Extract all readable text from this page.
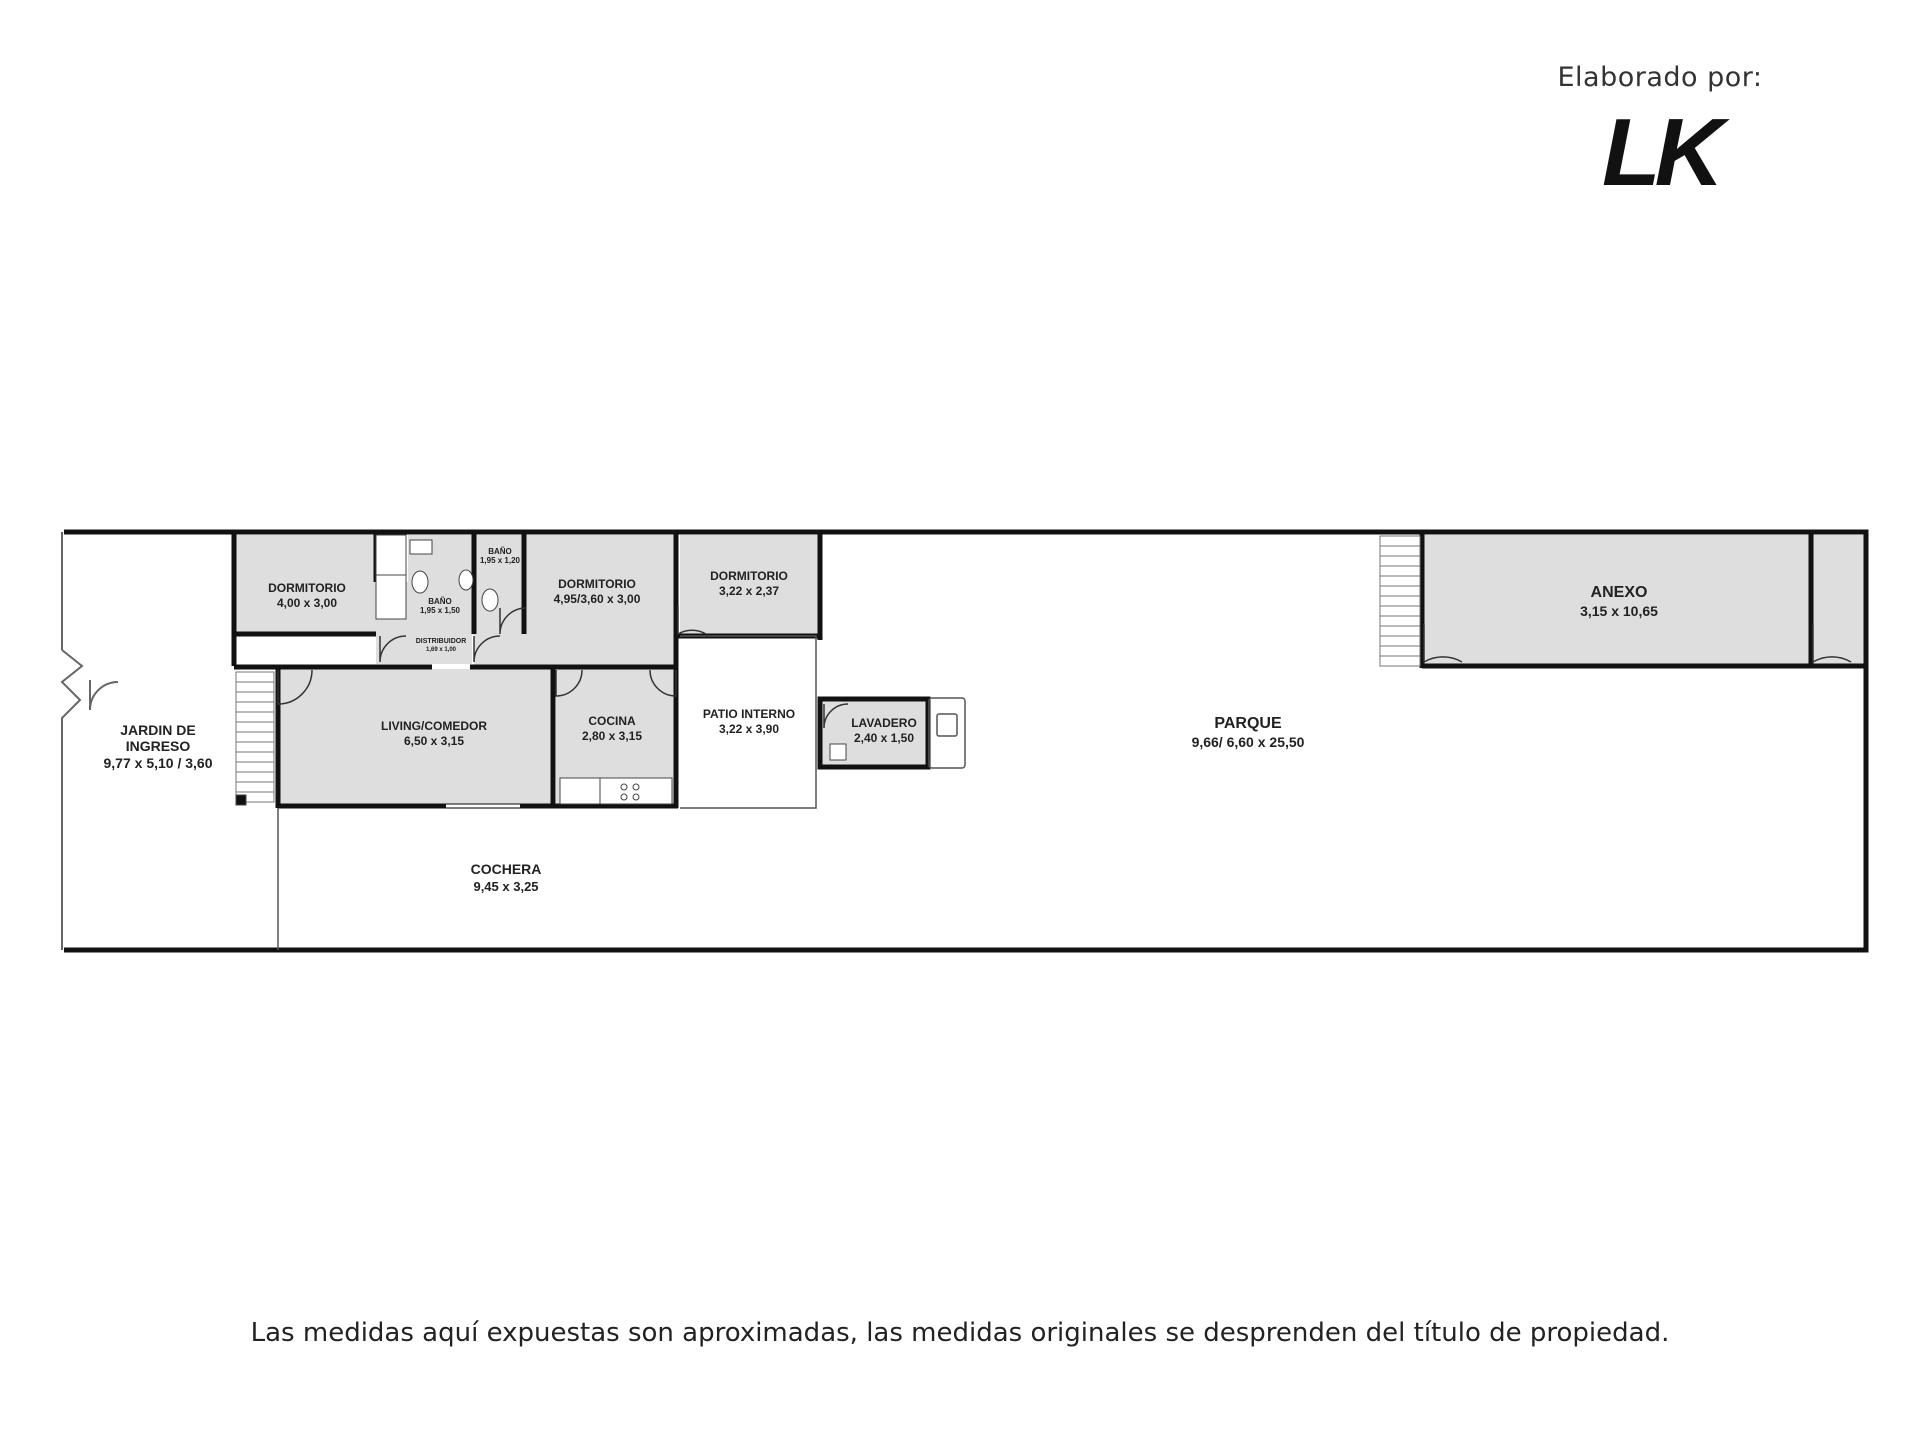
Elaborado por:
LK
JARDIN DE
INGRESO
9,77 x 5,10 / 3,60
DORMITORIO
4,00 x 3,00	BAÑO
1,95 x 1,50
BAÑO
1,95 x 1,20
DISTRIBUIDOR
1,69 x 1,00
DORMITORIO
4,95/3,60 x 3,00
DORMITORIO
3,22 x 2,37
LIVING/COMEDOR
6,50 x 3,15
COCINA
2,80 x 3,15
PATIO INTERNO
3,22 x 3,90	LAVADERO
2,40 x 1,50
PARQUE
9,66/ 6,60 x 25,50
ANEXO
3,15 x 10,65
COCHERA
9,45 x 3,25
Las medidas aquí expuestas son aproximadas, las medidas originales se desprenden del título de propiedad.
